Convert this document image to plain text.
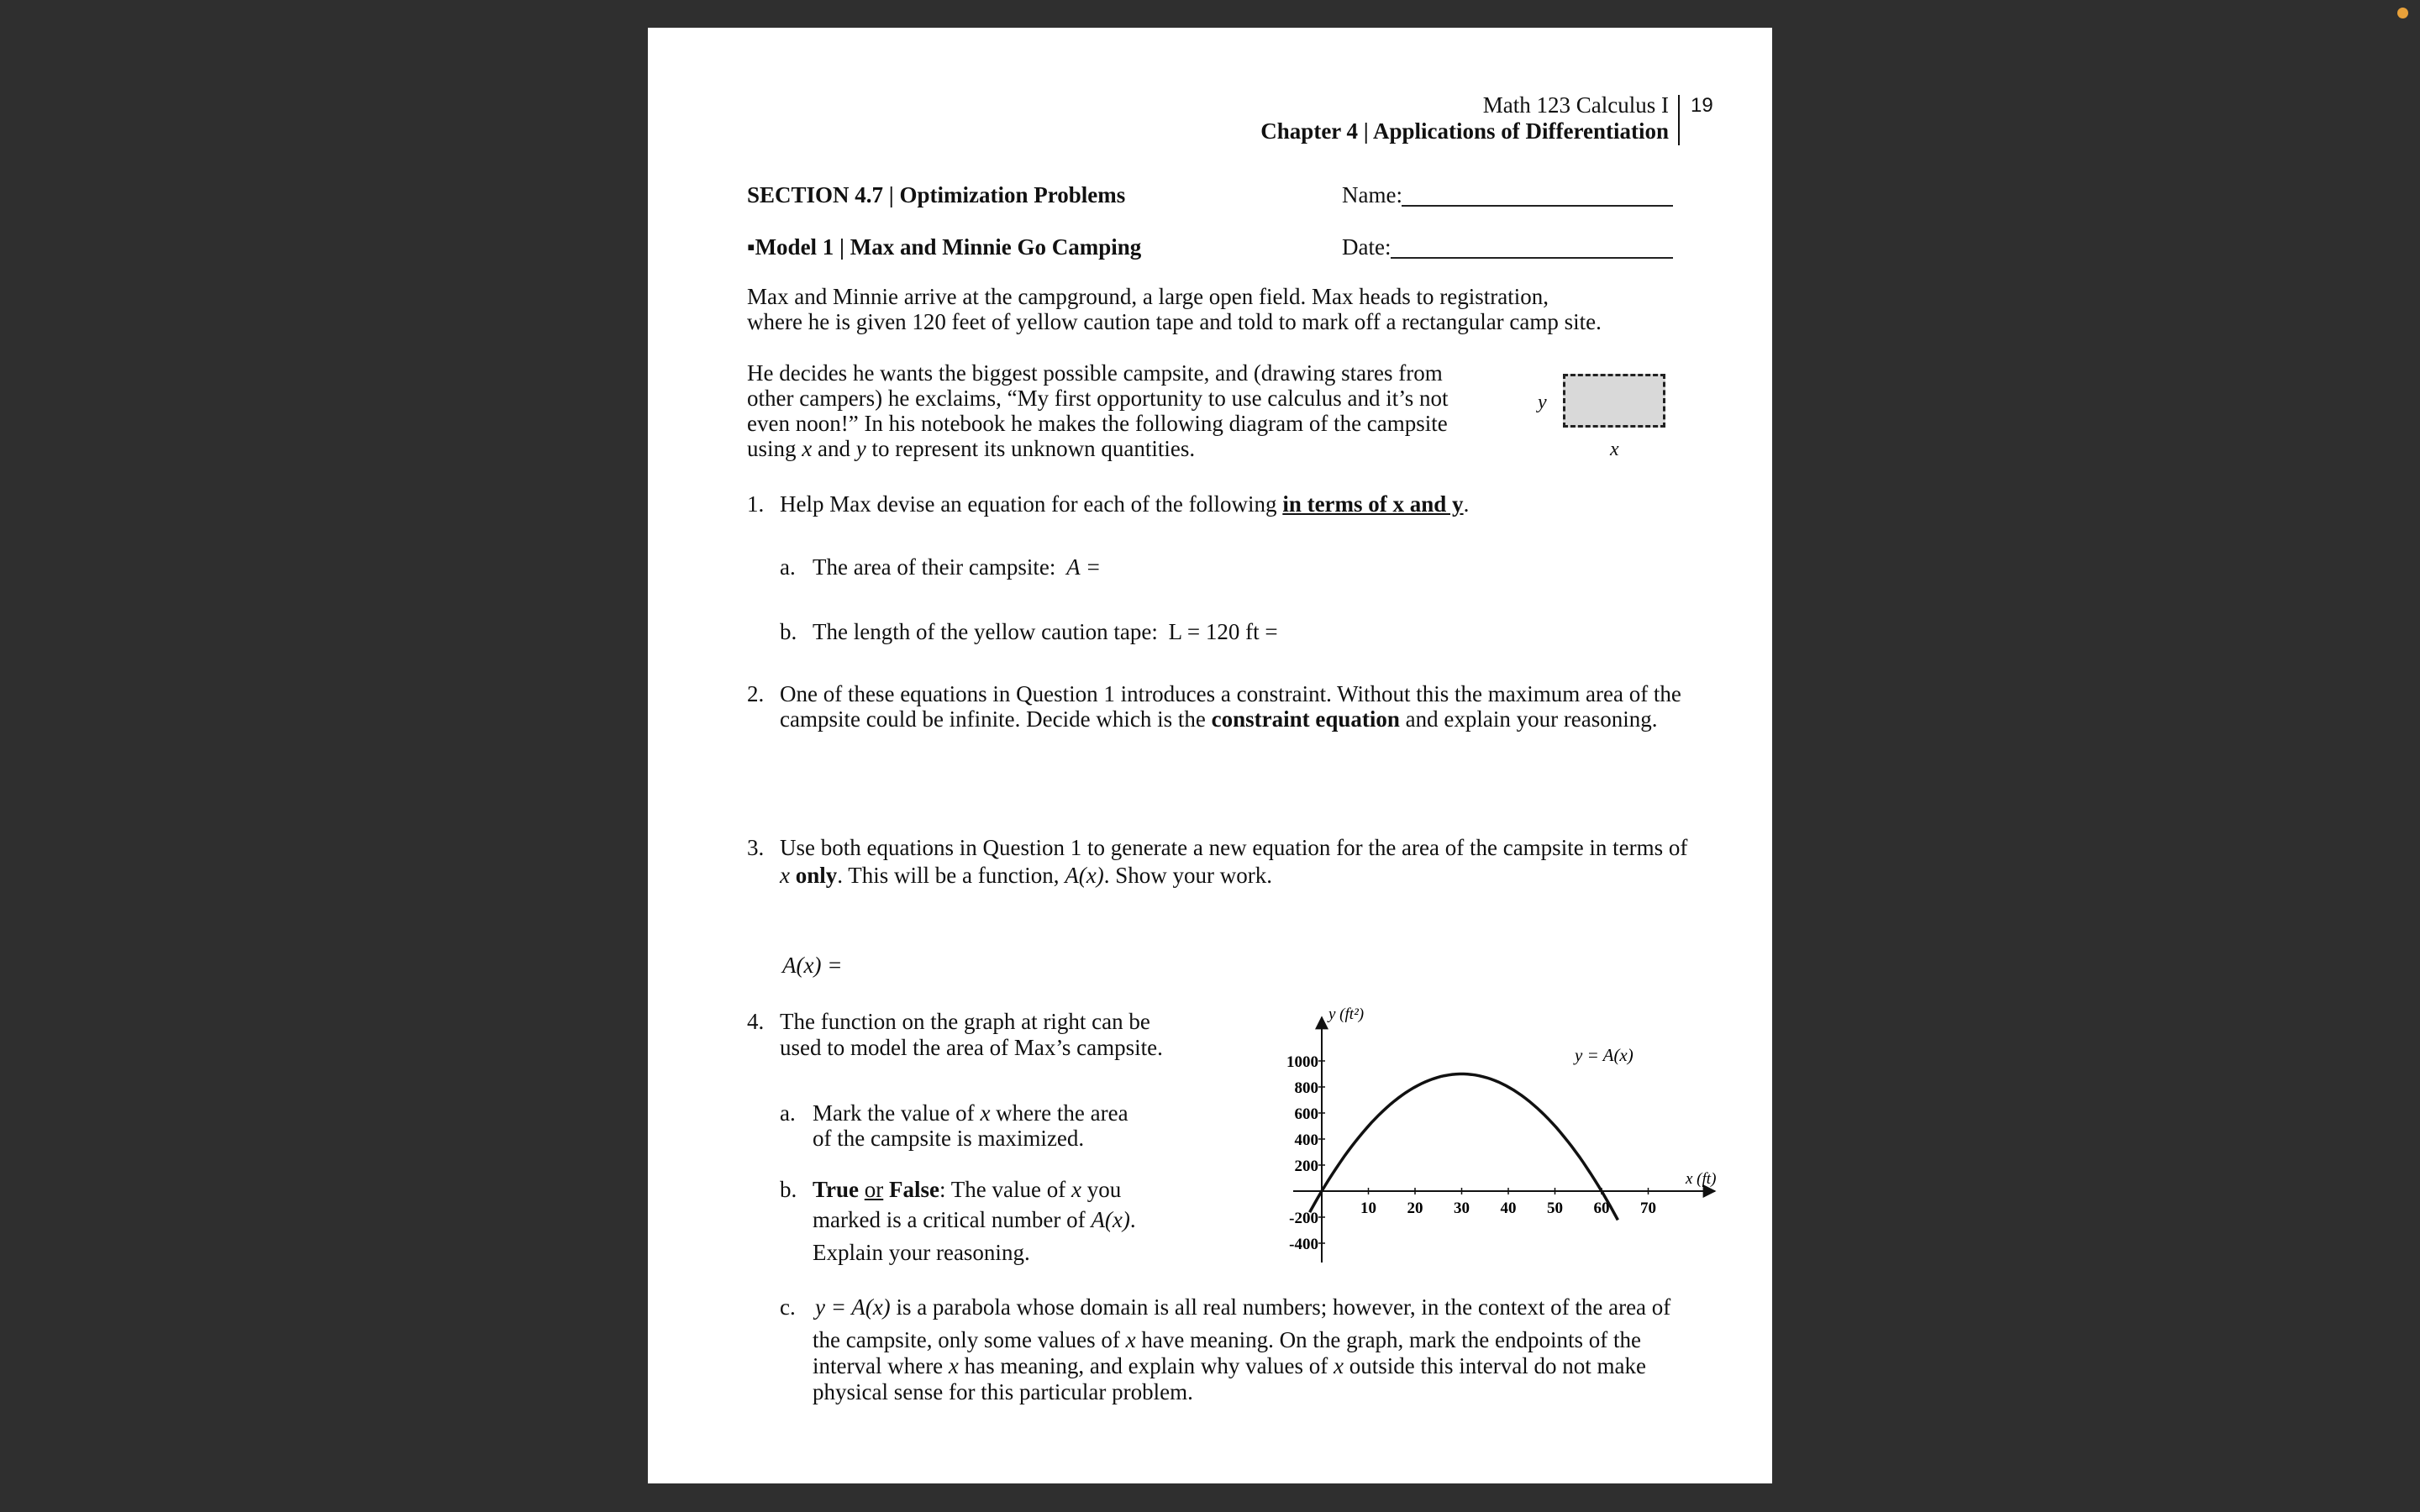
Math 123 Calculus I 19
Chapter 4 | Applications of Differentiation
SECTION 4.7 | Optimization Problems	Name:
▪Model 1 | Max and Minnie Go Camping	Date:
Max and Minnie arrive at the campground, a large open field. Max heads to registration,
where he is given 120 feet of yellow caution tape and told to mark off a rectangular camp site.
He decides he wants the biggest possible campsite, and (drawing stares from
other campers) he exclaims, “My first opportunity to use calculus and it’s not
even noon!” In his notebook he makes the following diagram of the campsite
using x and y to represent its unknown quantities.
y
x
1. Help Max devise an equation for each of the following in terms of x and y.
a. The area of their campsite: A =
b. The length of the yellow caution tape: L = 120 ft =
2. One of these equations in Question 1 introduces a constraint. Without this the maximum area of the
campsite could be infinite. Decide which is the constraint equation and explain your reasoning.
3. Use both equations in Question 1 to generate a new equation for the area of the campsite in terms of
x only. This will be a function, A(x). Show your work.
A(x) =
4. The function on the graph at right can be
used to model the area of Max’s campsite.
a. Mark the value of x where the area
of the campsite is maximized.
b. True or False: The value of x you
marked is a critical number of A(x).
Explain your reasoning.
c. y = A(x) is a parabola whose domain is all real numbers; however, in the context of the area of
the campsite, only some values of x have meaning. On the graph, mark the endpoints of the
interval where x has meaning, and explain why values of x outside this interval do not make
physical sense for this particular problem.
10 20 30 40 50 60 70
1000
800
600
400
200
-200
-400
x (ft)
y (ft²)
y = A(x)
